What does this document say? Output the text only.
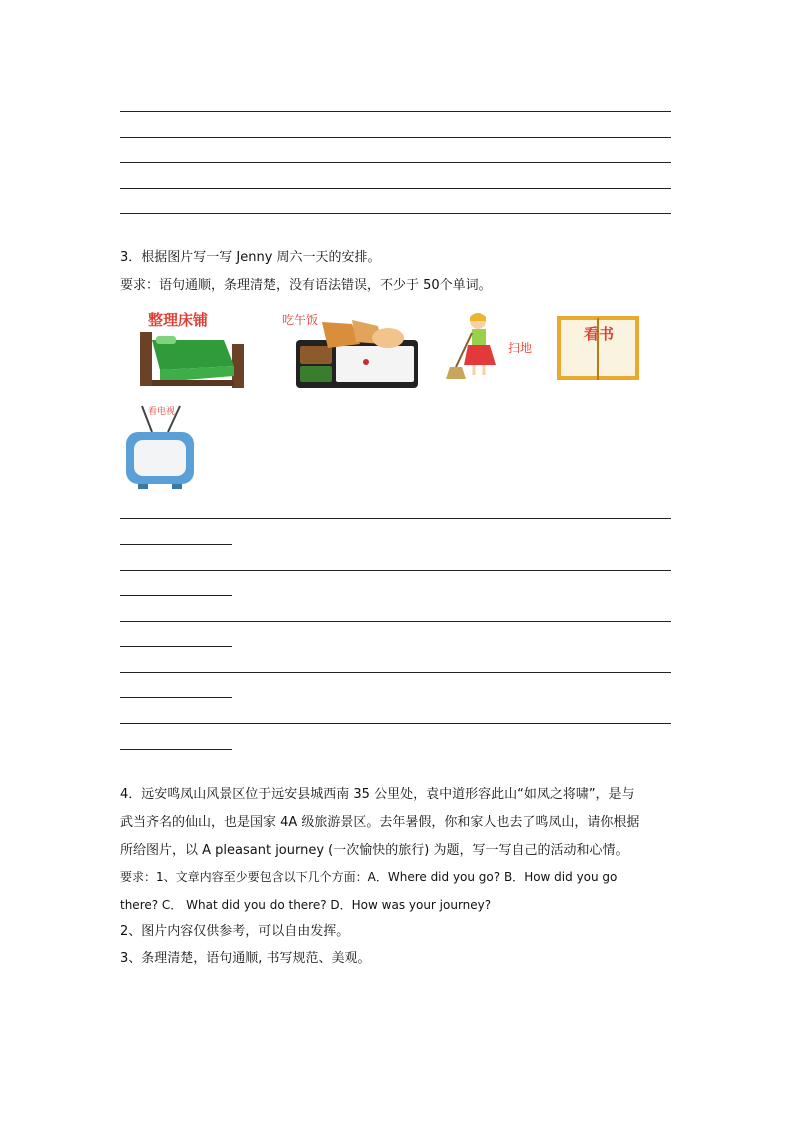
3．根据图片写一写 Jenny 周六一天的安排。
要求：语句通顺，条理清楚，没有语法错误，不少于 50个单词。
整理床铺	吃午饭
扫地
看书
看电视
4．远安鸣凤山风景区位于远安县城西南 35 公里处，袁中道形容此山“如凤之将啸”，是与
武当齐名的仙山，也是国家 4A 级旅游景区。去年暑假，你和家人也去了鸣凤山，请你根据
所给图片，以 A pleasant journey (一次愉快的旅行) 为题，写一写自己的活动和心情。
要求：1、文章内容至少要包含以下几个方面：A．Where did you go? B．How did you go
there? C． What did you do there? D．How was your journey?
2、图片内容仅供参考，可以自由发挥。
3、条理清楚，语句通顺, 书写规范、美观。
